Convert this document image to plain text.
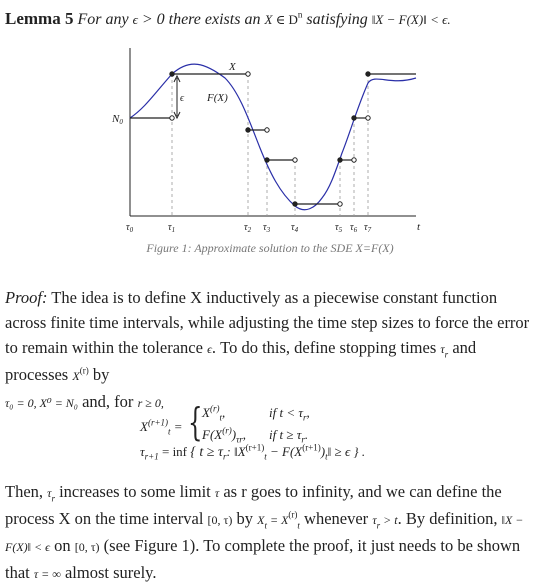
Lemma 5 For any ϵ > 0 there exists an X ∈ $D^n$ satisfying ‖X − F(X)‖ < ϵ.
ϵ
X
F(X)
N0
t
$\tau_0$	$\tau_1$	$\tau_2$ $\tau_3$ $\tau_4$	$\tau_5$ $\tau_6$ $\tau_7$
Figure 1: Approximate solution to the SDE X=F(X)
Proof: The idea is to define X inductively as a piecewise constant function across finite time intervals, while adjusting the time step sizes to force the error to remain within the tolerance ϵ. To do this, define stopping times $\tau_r$ and processes $X^{(r)}$ by
τ₀ = 0, X⁰ = N₀ and, for r ≥ 0,
$X^{(r+1)}_t$ = { $X^{(r)}_t$,	if $t < \tau_r$,
$F(X^{(r)})_{\tau r}$, if $t \ge \tau_r$.
$\tau_{r+1}$ = inf { $t \ge \tau_r$: $‖X^{(r+1)}_t$ − $F(X^{(r+1)})_t‖ \ge \epsilon$ } .
Then, $\tau_r$ increases to some limit τ as r goes to infinity, and we can define the process X on the time interval [0, τ) by $X_t = X^{(r)}_t$ whenever $\tau_r > t$. By definition, ‖X − F(X)‖ < ϵ on [0, τ) (see Figure 1). To complete the proof, it just needs to be shown that τ = ∞ almost surely.
